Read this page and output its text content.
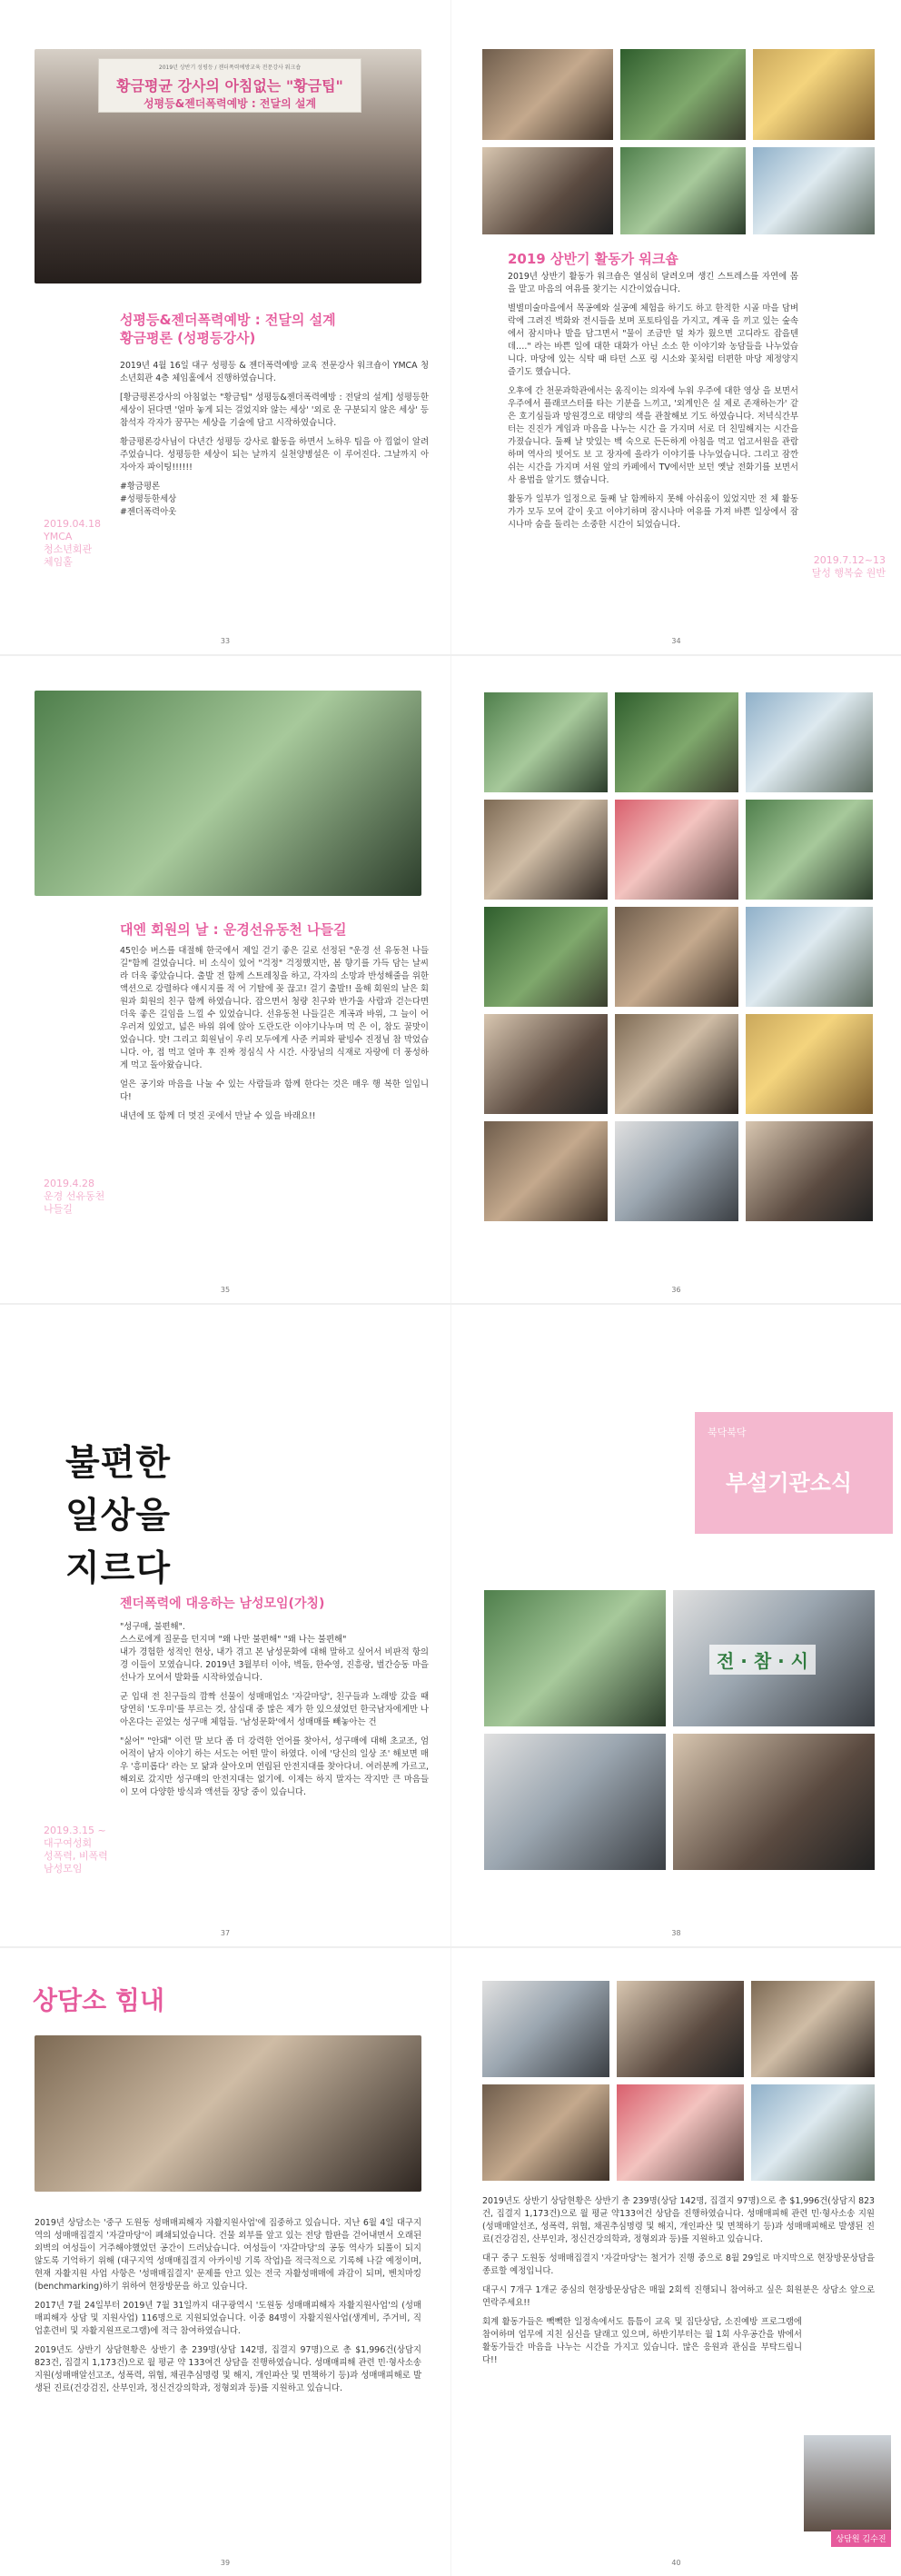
2019년 상반기 성평등 / 젠더폭력예방교육 전문강사 워크숍
황금평균 강사의 아침없는 "황금팁"
성평등&젠더폭력예방 : 전달의 설계
성평등&젠더폭력예방 : 전달의 설계
황금평론 (성평등강사)
2019.04.18
YMCA
청소년회관
체임홀

2019년 4월 16일 대구 성평등 & 젠더폭력예방 교육 전문강사 워크숍이 YMCA 청소년회관 4층 체임홀에서 진행하였습니다.

[황금평론강사의 아침없는 "황금팁" 성평등&젠더폭력예방 : 전달의 설계] 성평등한 세상이 된다면 '얼마 놓게 되는 걸었지와 않는 세상' '외로 운 구분되지 않은 세상' 등 참석자 각자가 꿈꾸는 세상을 기술에 담고 시작하였습니다.

황금평론강사님이 다년간 성평등 강사로 활동을 하면서 노하우 팁을 아 낌없이 알려주었습니다. 성평등한 세상이 되는 날까지 실천양병설은 이 루어진다. 그날까지 아자아자 파이팅!!!!!!

#황금평론
#성평등한세상
#젠더폭력아웃

33
2019 상반기 활동가 워크숍
2019.7.12~13
달성 행복숲 원반

2019년 상반기 활동가 워크숍은 열심히 달려오며 생긴 스트레스를 자연에 몸을 맡고 마음의 여유를 찾기는 시간이었습니다.

별별미술마을에서 목공예와 실공예 체험을 하기도 하고 한적한 시골 마을 담벼락에 그려진 벽화와 전시들을 보며 포토타임을 가지고, 계곡 을 끼고 있는 숲속에서 잠시마나 발을 담그면서 "물이 조금만 덜 차가 웠으면 고디라도 잡을텐데…." 라는 바쁜 일에 대한 대화가 아닌 소소 한 이야기와 농담들을 나누었습니다. 마당에 있는 식탁 때 타던 스포 링 시소와 꽃처럼 터편한 마당 제정양지 즐기도 했습니다.

오후에 간 천문과학관에서는 움직이는 의자에 누워 우주에 대한 영상 을 보면서 우주에서 플래코스터를 타는 기분을 느끼고, '외계인은 실 제로 존재하는가' 같은 호기심들과 망원경으로 태양의 색을 관찰해보 기도 하였습니다. 저녁식간부터는 진진가 게임과 마음을 나누는 시간 을 가지며 서로 더 친밀해지는 시간을 가졌습니다. 둘째 날 맛있는 백 숙으로 든든하게 아침을 먹고 업고서원을 관람하며 역사의 빗어도 보 고 장자에 올라가 이야기를 나누었습니다. 그리고 잠깐 쉬는 시간을 가지며 서원 앞의 카페에서 TV에서만 보던 옛날 전화기를 보면서 사 용법을 알기도 했습니다.

활동가 일부가 일정으로 둘째 날 함께하지 못해 아쉬움이 있었지만 전 체 활동가가 모두 모여 같이 웃고 이야기하며 잠시나마 여유를 가져 바쁜 일상에서 잠시나마 숨을 돌리는 소중한 시간이 되었습니다.

34
대엔 회원의 날 : 운경선유동천 나들길
2019.4.28
운경 선유동천
나들길

45인승 버스를 대절해 한국에서 제일 걷기 좋은 길로 선정된 "운경 선 유동천 나들길"함께 걸었습니다. 비 소식이 있어 "걱정" 걱정했지만, 봄 향기를 가득 담는 날씨라 더욱 좋았습니다. 출발 전 함께 스트레칭을 하고, 각자의 소망과 반성해줄을 위한 액션으로 강렬하다 얘시지를 적 어 기탈에 꽂 끊고! 걸기 출발!! 올해 회원의 날은 회원과 회원의 친구 함께 하였습니다. 잡으면서 청량 친구와 반가울 사람과 걷는다면 더욱 좋은 길임을 느낄 수 있었습니다. 선유동천 나들길은 계곡과 바위, 그 늘이 어우러져 있었고, 넓은 바위 위에 앉아 도란도란 이야기나누며 먹 은 이, 참도 꿀맛이었습니다. 맛! 그리고 회원님이 우리 모두에게 사준 커피와 팥빙수 진정님 참 막었습니다. 아, 접 먹고 얼마 후 진짜 정심식 사 시간. 사장님의 식재로 자랑에 더 풍성하게 먹고 돌아왔습니다.

얼은 공기와 마음을 나눌 수 있는 사람들과 함께 한다는 것은 매우 행 복한 일입니다!

내년에 또 함께 더 멋진 곳에서 만날 수 있을 바래요!!

35	36
불편한
일상을
지르다
젠더폭력에 대응하는 남성모임(가칭)
2019.3.15 ~
대구여성회
성폭력, 비폭력
남성모임

"성구매, 불편해".
스스로에게 질문을 던지며 "왜 나만 불편해" "왜 나는 불편해"
내가 경험한 성적인 현상, 내가 겪고 본 남성문화에 대해 말하고 싶어서 비판적 항의 경 이들이 모였습니다. 2019년 3월부터 이야, 벽돌, 한수영, 진흥랑, 벌간승동 마을 선나가 모여서 발화를 시작하였습니다.

군 입대 전 친구들의 깜짝 선물이 성매매업소 '자갈마당', 친구들과 노래방 갔을 때 당연히 '도우미'를 부르는 것, 삼십대 중 많은 제가 한 있으셨었던 한국남자에게만 나아온다는 곧었는 성구매 체험들. '남성문화'에서 성매매를 빼놓아는 건

"싫어" "안돼" 이런 말 보다 좀 더 강력한 언어를 찾아서, 성구매에 대해 초교조, 엄어적이 남자 이야기 하는 서도는 어떤 말이 하였다. 이에 '당신의 일상 조' 해보면 매우 '흥미롭다' 라는 모 닮과 살아오며 연립된 안전지대를 찾아다녀. 여러분께 가르고, 해외로 갔지만 성구매의 안전지대는 없기에. 이제는 하지 말자는 작지만 큰 마음들이 모여 다양한 방식과 액션들 장당 중이 있습니다.

37
북닥북닥
부설기관소식
전 · 참 · 시
38
상담소 힘내

2019년 상담소는 '중구 도원동 성매매피해자 자활지원사업'에 집중하고 있습니다. 지난 6월 4일 대구지역의 성매매집결지 '자갈마당'이 폐쇄되었습니다. 건물 외부를 앞고 있는 전당 합판을 걷어내면서 오래된 외벽의 여성들이 거주해야했었던 공간이 드러났습니다. 여성들이 '자갈마당'의 공동 역사가 되풀이 되지 않도록 기억하기 위해 (대구지역 성매매집결지 아카이빙 기록 작업)을 적극적으로 기록해 나갈 예정이며, 현재 자활지원 사업 사항은 '성매매집결지' 문제를 안고 있는 전국 자활성매매에 과감이 되며, 벤치마킹(benchmarking)하기 위하여 현장방문을 하고 있습니다.

2017년 7월 24일부터 2019년 7월 31일까지 대구광역시 '도원동 성매매피해자 자활지원사업'의 (성매매피해자 상담 및 지원사업) 116명으로 지원되었습니다. 이중 84명이 자활지원사업(생계비, 주거비, 직업훈련비 및 자활지원프로그램)에 적극 참여하였습니다.

2019년도 상반기 상담현황은 상반기 총 239명(상담 142명, 집결지 97명)으로 총 $1,996건(상담지 823건, 집결지 1,173건)으로 월 평균 약 133여건 상담을 진행하였습니다. 성매매피해 관련 민·형사소송 지원(성매매알선고조, 성폭력, 위협, 채권추심명령 및 해지, 개인파산 및 면책하기 등)과 성매매피해로 발생된 진료(건강검진, 산부인과, 정신건강의학과, 정형외과 등)를 지원하고 있습니다.

39

2019년도 상반기 상담현황은 상반기 총 239명(상담 142명, 집결지 97명)으로 총 $1,996건(상담지 823건, 집결지 1,173건)으로 월 평균 약133여건 상담을 진행하였습니다. 성매매피해 관련 민·형사소송 지원(성매매알선조, 성폭력, 위협, 채권추심명령 및 해지, 개인파산 및 면책하기 등)과 성매매피해로 발생된 진료(건강검진, 산부인과, 정신건강의학과, 정형외과 등)를 지원하고 있습니다.

대구 중구 도원동 성매매집결지 '자갈마당'는 철거가 진행 중으로 8월 29일로 마지막으로 현장방문상담을 종료할 예정입니다.

대구시 7개구 1개군 중심의 현장방문상담은 매월 2회씩 진행되니 참여하고 싶은 회원분은 상담소 앞으로 연락주세요!!

회계 활동가들은 빽빽한 일정속에서도 틈틈이 교육 및 집단상담, 소진예방 프로그램에 참여하며 업무에 지친 심신을 달래고 있으며, 하반기부터는 월 1회 사우공간을 밖에서 활동가들간 마음을 나누는 시간을 가지고 있습니다. 많은 응원과 관심을 부탁드립니다!!

상담원 김수진
40
